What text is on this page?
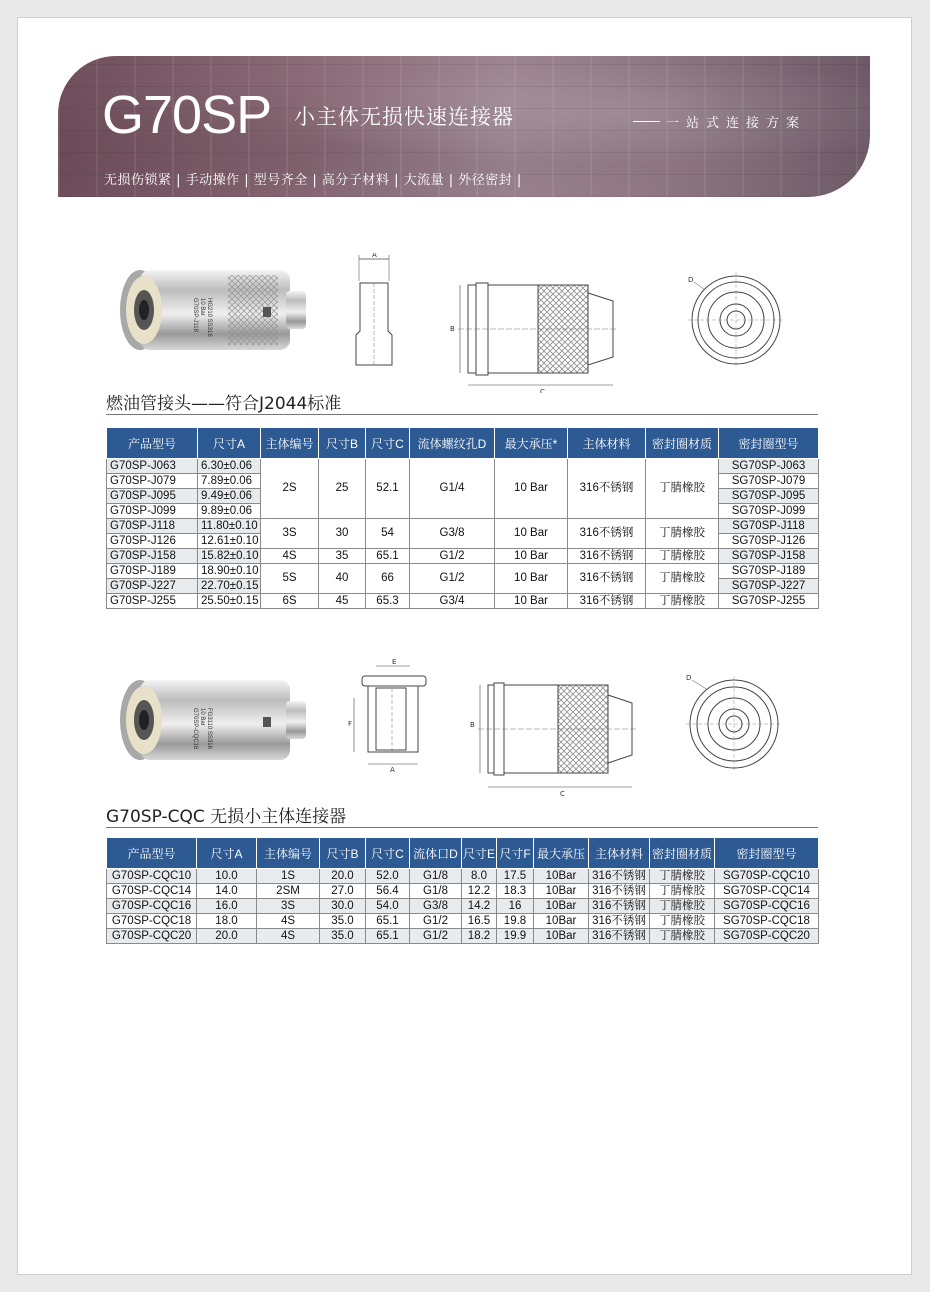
G70SP 小主体无损快速连接器	一站式连接方案
无损伤锁紧 | 手动操作 | 型号齐全 | 高分子材料 | 大流量 | 外径密封 |
G70SP-J118 10 Bar HG210 SS316
A
B
C
D
燃油管接头——符合J2044标准
产品型号	尺寸A	主体编号	尺寸B	尺寸C	流体螺纹孔D	最大承压*	主体材料	密封圈材质	密封圈型号
G70SP-J063	6.30±0.06	2S	25	52.1	G1/4	10 Bar	316不锈钢	丁腈橡胶	SG70SP-J063
G70SP-J079	7.89±0.06								SG70SP-J079
G70SP-J095	9.49±0.06								SG70SP-J095
G70SP-J099	9.89±0.06								SG70SP-J099
G70SP-J118	11.80±0.10	3S	30	54	G3/8	10 Bar	316不锈钢	丁腈橡胶	SG70SP-J118
G70SP-J126	12.61±0.10								SG70SP-J126
G70SP-J158	15.82±0.10	4S	35	65.1	G1/2	10 Bar	316不锈钢	丁腈橡胶	SG70SP-J158
G70SP-J189	18.90±0.10	5S	40	66	G1/2	10 Bar	316不锈钢	丁腈橡胶	SG70SP-J189
G70SP-J227	22.70±0.15								SG70SP-J227
G70SP-J255	25.50±0.15	6S	45	65.3	G3/4	10 Bar	316不锈钢	丁腈橡胶	SG70SP-J255
G70SP-CQC16 10 Bar FG3110 SS316
E
F
A
B
C
D
G70SP-CQC 无损小主体连接器
产品型号	尺寸A	主体编号	尺寸B	尺寸C	流体口D	尺寸E	尺寸F	最大承压	主体材料	密封圈材质	密封圈型号
G70SP-CQC10	10.0	1S	20.0	52.0	G1/8	8.0	17.5	10Bar	316不锈钢	丁腈橡胶	SG70SP-CQC10
G70SP-CQC14	14.0	2SM	27.0	56.4	G1/8	12.2	18.3	10Bar	316不锈钢	丁腈橡胶	SG70SP-CQC14
G70SP-CQC16	16.0	3S	30.0	54.0	G3/8	14.2	16	10Bar	316不锈钢	丁腈橡胶	SG70SP-CQC16
G70SP-CQC18	18.0	4S	35.0	65.1	G1/2	16.5	19.8	10Bar	316不锈钢	丁腈橡胶	SG70SP-CQC18
G70SP-CQC20	20.0	4S	35.0	65.1	G1/2	18.2	19.9	10Bar	316不锈钢	丁腈橡胶	SG70SP-CQC20
